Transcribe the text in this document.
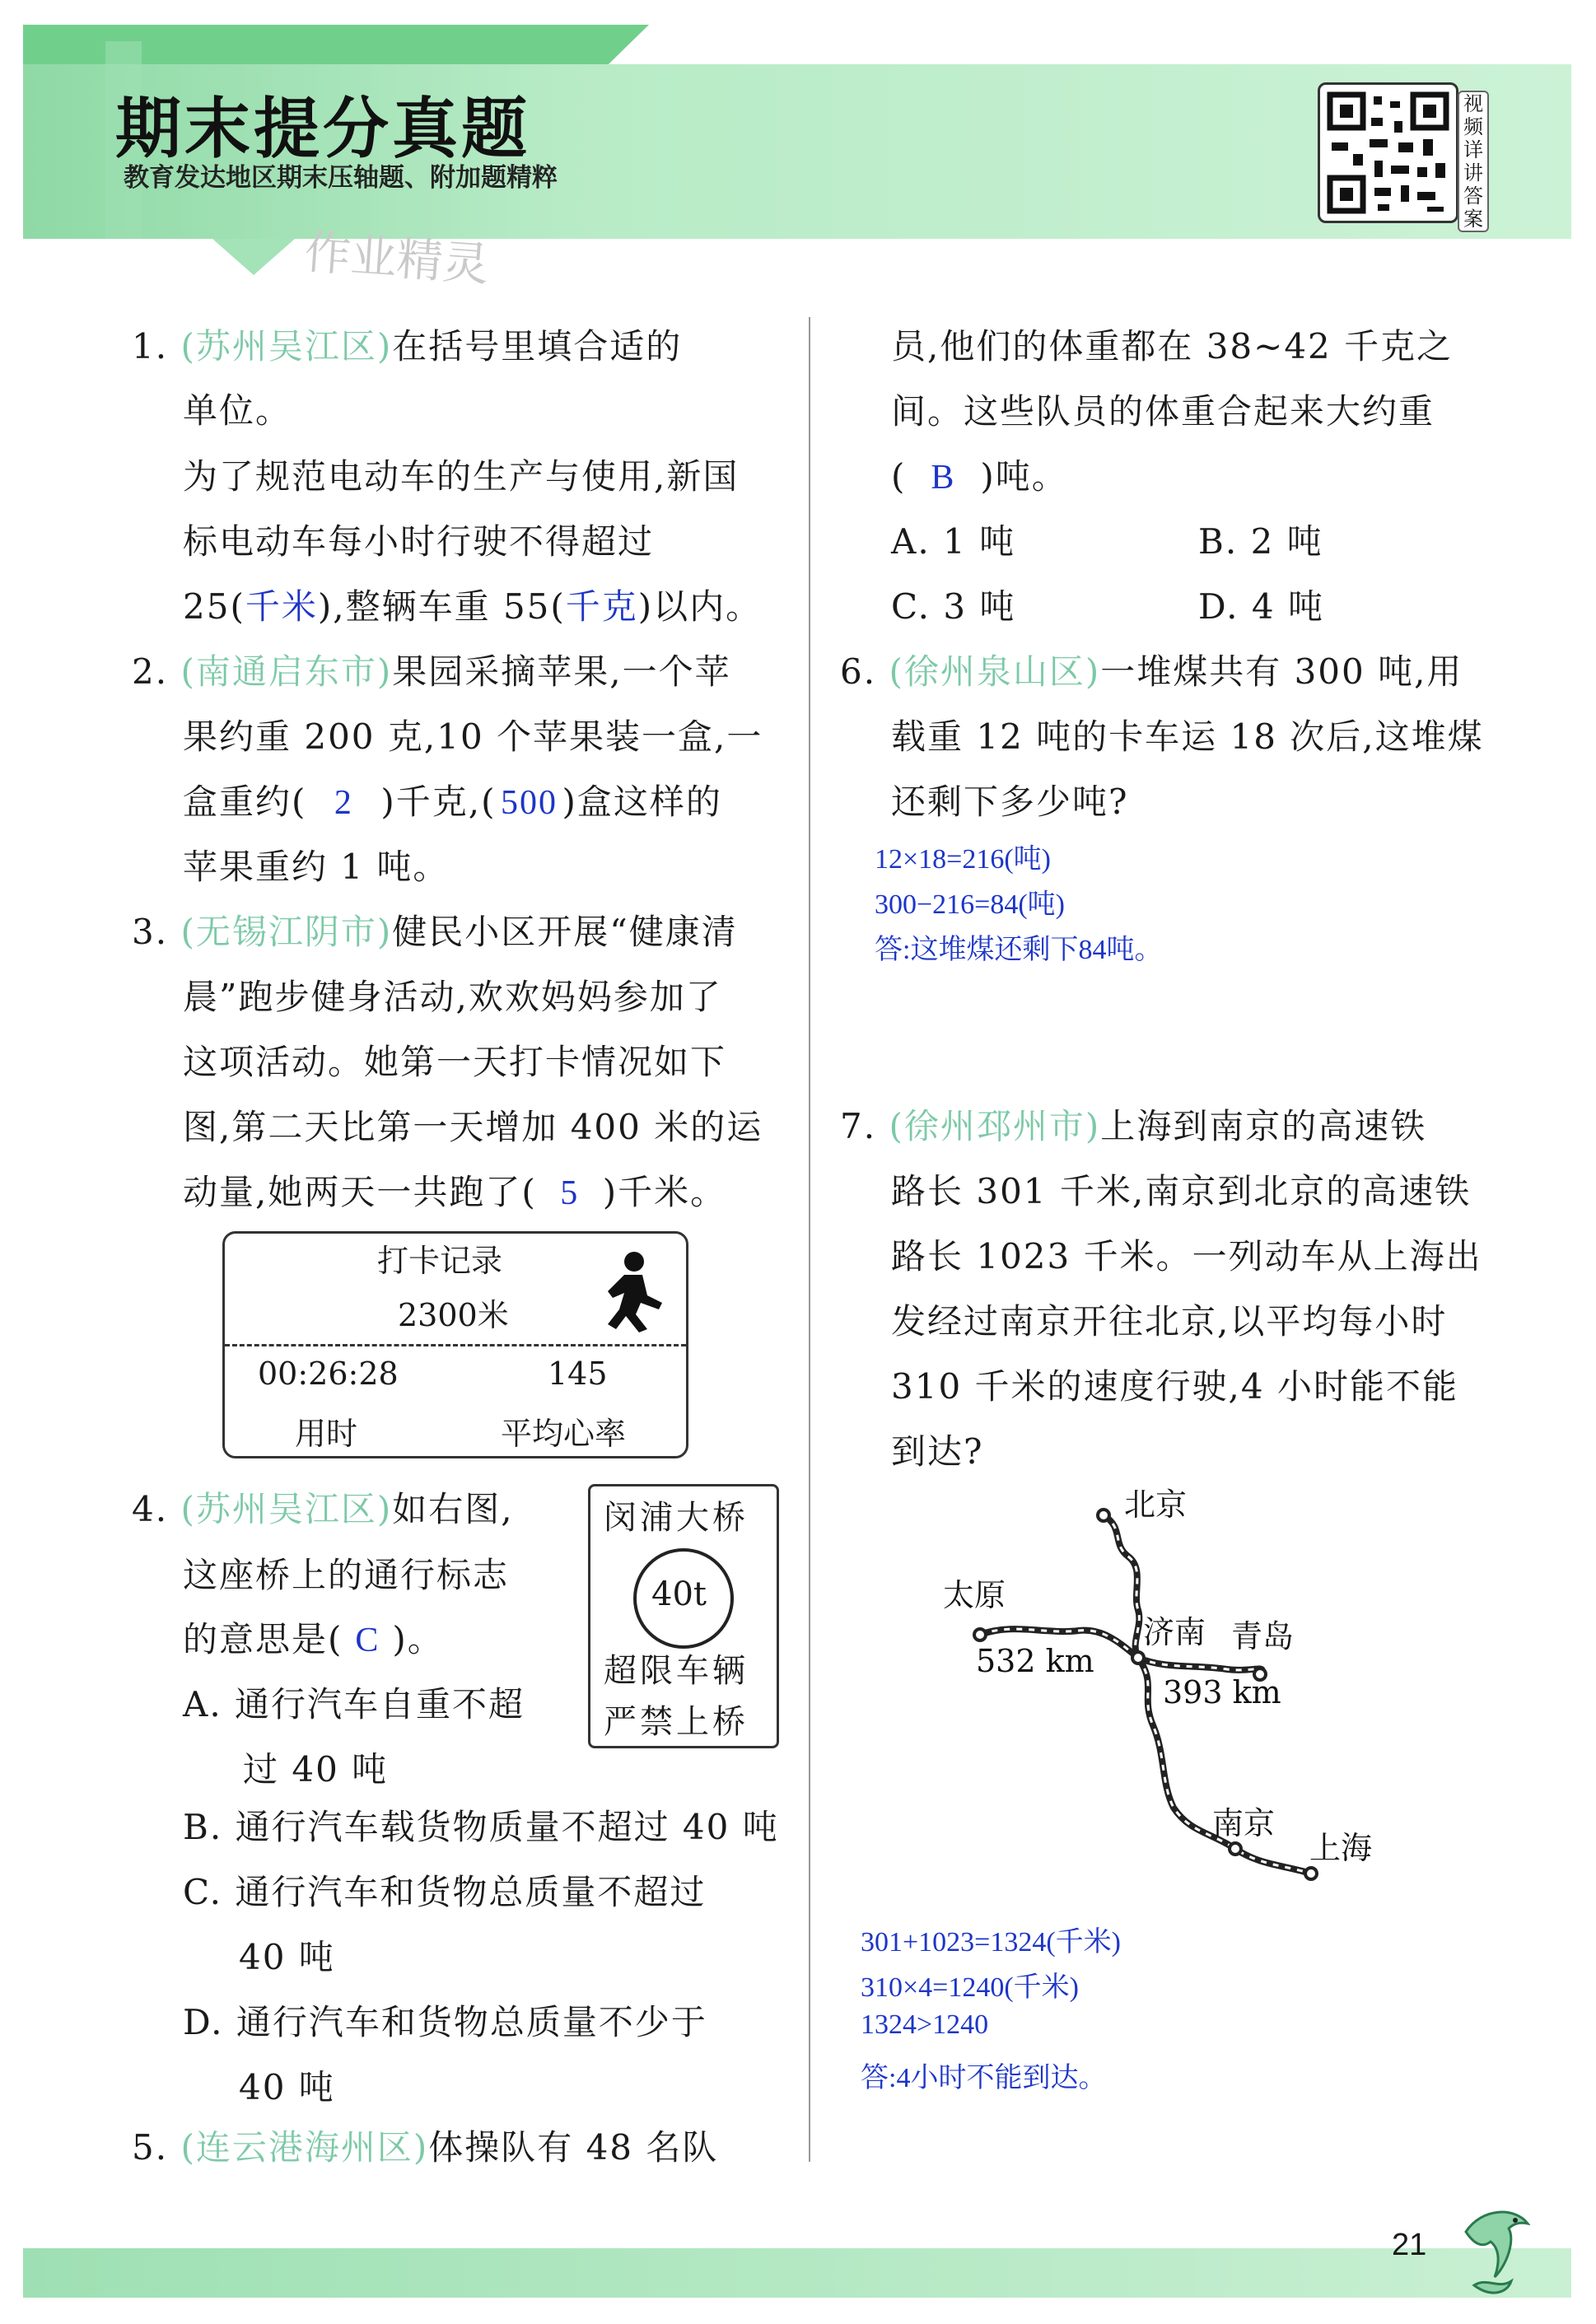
期末提分真题
教育发达地区期末压轴题、附加题精粹
视频详讲答案
作业精灵
1. (苏州吴江区)在括号里填合适的
单位。
为了规范电动车的生产与使用,新国
标电动车每小时行驶不得超过
25(千米),整辆车重 55(千克)以内。
2. (南通启东市)果园采摘苹果,一个苹
果约重 200 克,10 个苹果装一盒,一
盒重约( 2 )千克,( 500 )盒这样的
苹果重约 1 吨。
3. (无锡江阴市)健民小区开展“健康清
晨”跑步健身活动,欢欢妈妈参加了
这项活动。她第一天打卡情况如下
图,第二天比第一天增加 400 米的运
动量,她两天一共跑了( 5 )千米。
打卡记录
2300米
00:26:28	145
用时	平均心率
4. (苏州吴江区)如右图,
这座桥上的通行标志
的意思是( C )。
A. 通行汽车自重不超
过 40 吨
B. 通行汽车载货物质量不超过 40 吨
C. 通行汽车和货物总质量不超过
40 吨
D. 通行汽车和货物总质量不少于
40 吨
闵浦大桥
40t
超限车辆
严禁上桥
5. (连云港海州区)体操队有 48 名队
员,他们的体重都在 38~42 千克之
间。这些队员的体重合起来大约重
( B )吨。
A. 1 吨	B. 2 吨
C. 3 吨	D. 4 吨
6. (徐州泉山区)一堆煤共有 300 吨,用
载重 12 吨的卡车运 18 次后,这堆煤
还剩下多少吨?
12×18=216(吨)
300−216=84(吨)
答:这堆煤还剩下84吨。
7. (徐州邳州市)上海到南京的高速铁
路长 301 千米,南京到北京的高速铁
路长 1023 千米。一列动车从上海出
发经过南京开往北京,以平均每小时
310 千米的速度行驶,4 小时能不能
到达?
北京
太原
济南 青岛
532 km
393 km
南京
上海
301+1023=1324(千米)
310×4=1240(千米)
1324>1240
答:4小时不能到达。
21
